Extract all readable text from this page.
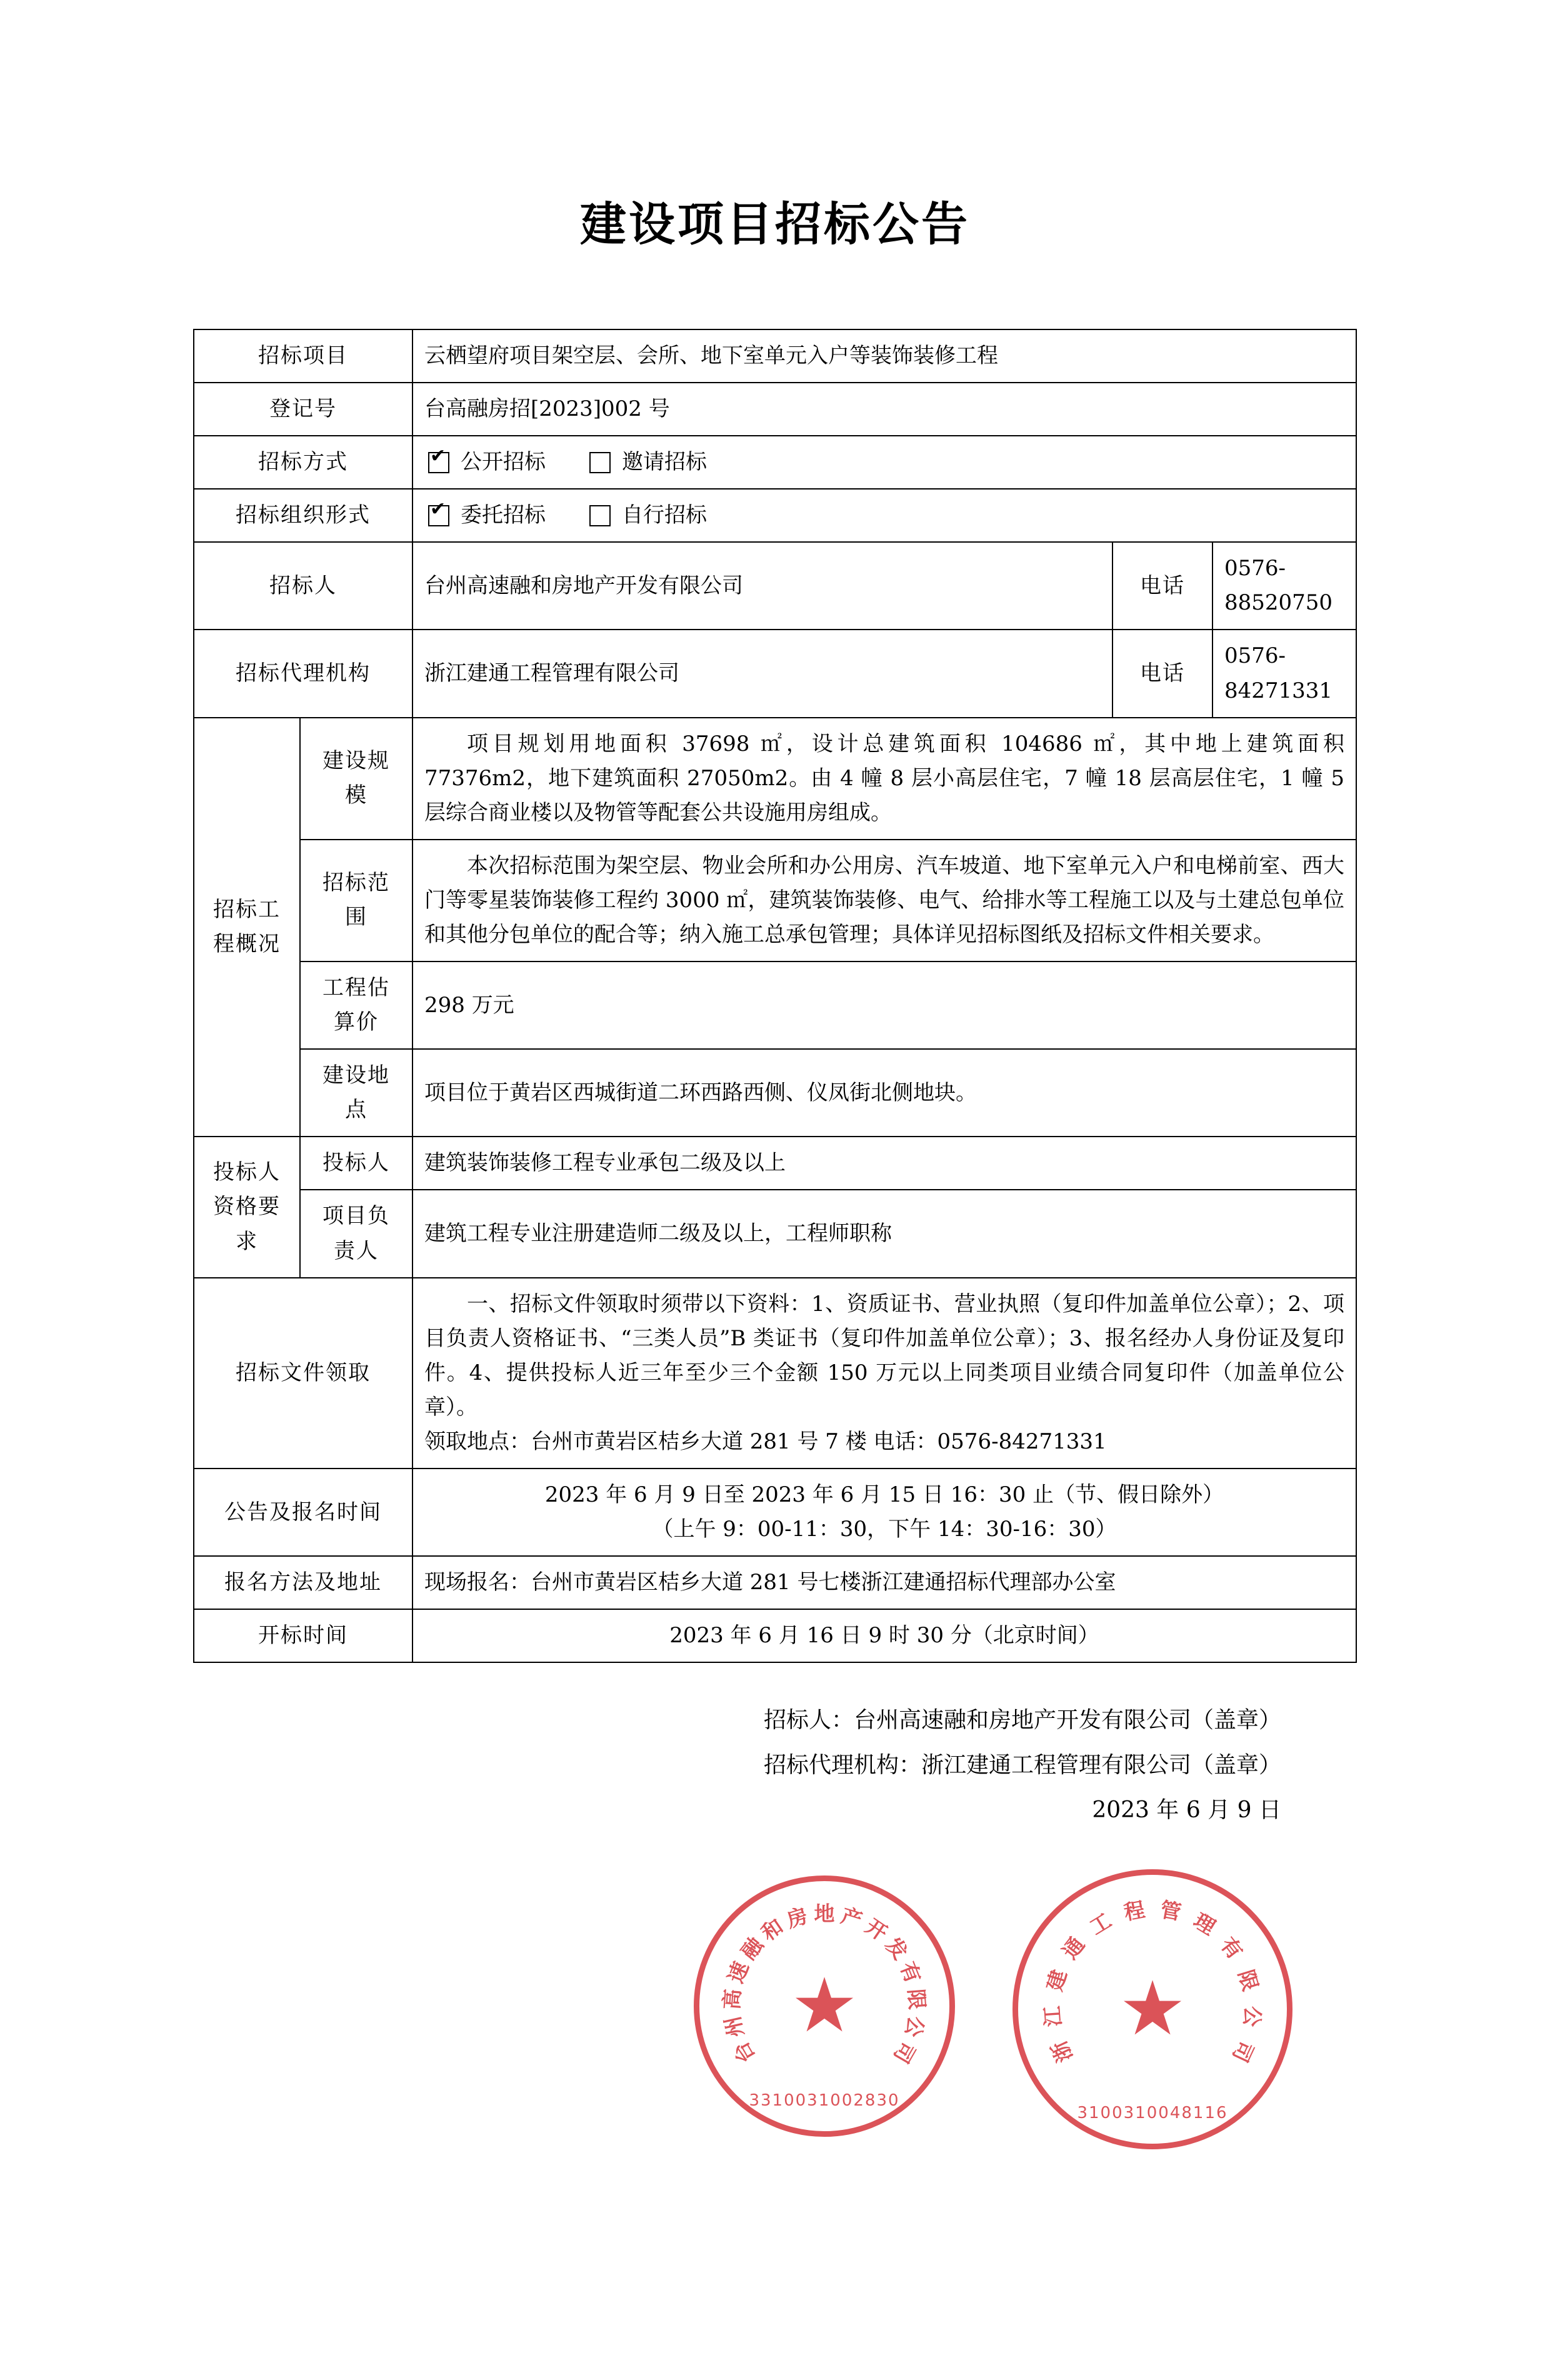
建设项目招标公告
招标项目		云栖望府项目架空层、会所、地下室单元入户等装饰装修工程		
登记号		台高融房招[2023]002 号		
招标方式	
✔公开招标 邀请招标

招标组织形式	
✔委托招标 自行招标

招标人		台州高速融和房地产开发有限公司	电话	0576-88520750
招标代理机构		浙江建通工程管理有限公司	电话	0576-84271331
招标工程概况	建设规模	项目规划用地面积 37698 ㎡，设计总建筑面积 104686 ㎡，其中地上建筑面积 77376m2，地下建筑面积 27050m2。由 4 幢 8 层小高层住宅，7 幢 18 层高层住宅，1 幢 5 层综合商业楼以及物管等配套公共设施用房组成。		

	招标范围	本次招标范围为架空层、物业会所和办公用房、汽车坡道、地下室单元入户和电梯前室、西大门等零星装饰装修工程约 3000 ㎡，建筑装饰装修、电气、给排水等工程施工以及与土建总包单位和其他分包单位的配合等；纳入施工总承包管理；具体详见招标图纸及招标文件相关要求。		

	工程估算价	298 万元		
	建设地点	项目位于黄岩区西城街道二环西路西侧、仪凤街北侧地块。		
投标人资格要求	投标人	建筑装饰装修工程专业承包二级及以上		
	项目负责人	建筑工程专业注册建造师二级及以上，工程师职称		
招标文件领取		一、招标文件领取时须带以下资料：1、资质证书、营业执照（复印件加盖单位公章）；2、项目负责人资格证书、“三类人员”B 类证书（复印件加盖单位公章）；3、报名经办人身份证及复印件。4、提供投标人近三年至少三个金额 150 万元以上同类项目业绩合同复印件（加盖单位公章）。

领取地点：台州市黄岩区桔乡大道 281 号 7 楼 电话：0576-84271331		

公告及报名时间		2023 年 6 月 9 日至 2023 年 6 月 15 日 16：30 止（节、假日除外）
（上午 9：00-11：30，下午 14：30-16：30）		

报名方法及地址		现场报名：台州市黄岩区桔乡大道 281 号七楼浙江建通招标代理部办公室		
开标时间		2023 年 6 月 16 日 9 时 30 分（北京时间）		
招标人：台州高速融和房地产开发有限公司（盖章）
招标代理机构：浙江建通工程管理有限公司（盖章）
2023 年 6 月 9 日
台
州
高
速
融
和
房 地 产
开
发
有
限
公
司
★
3310031002830
浙
江
建
通
工 程 管 理
有
限
公
司
★
3100310048116
